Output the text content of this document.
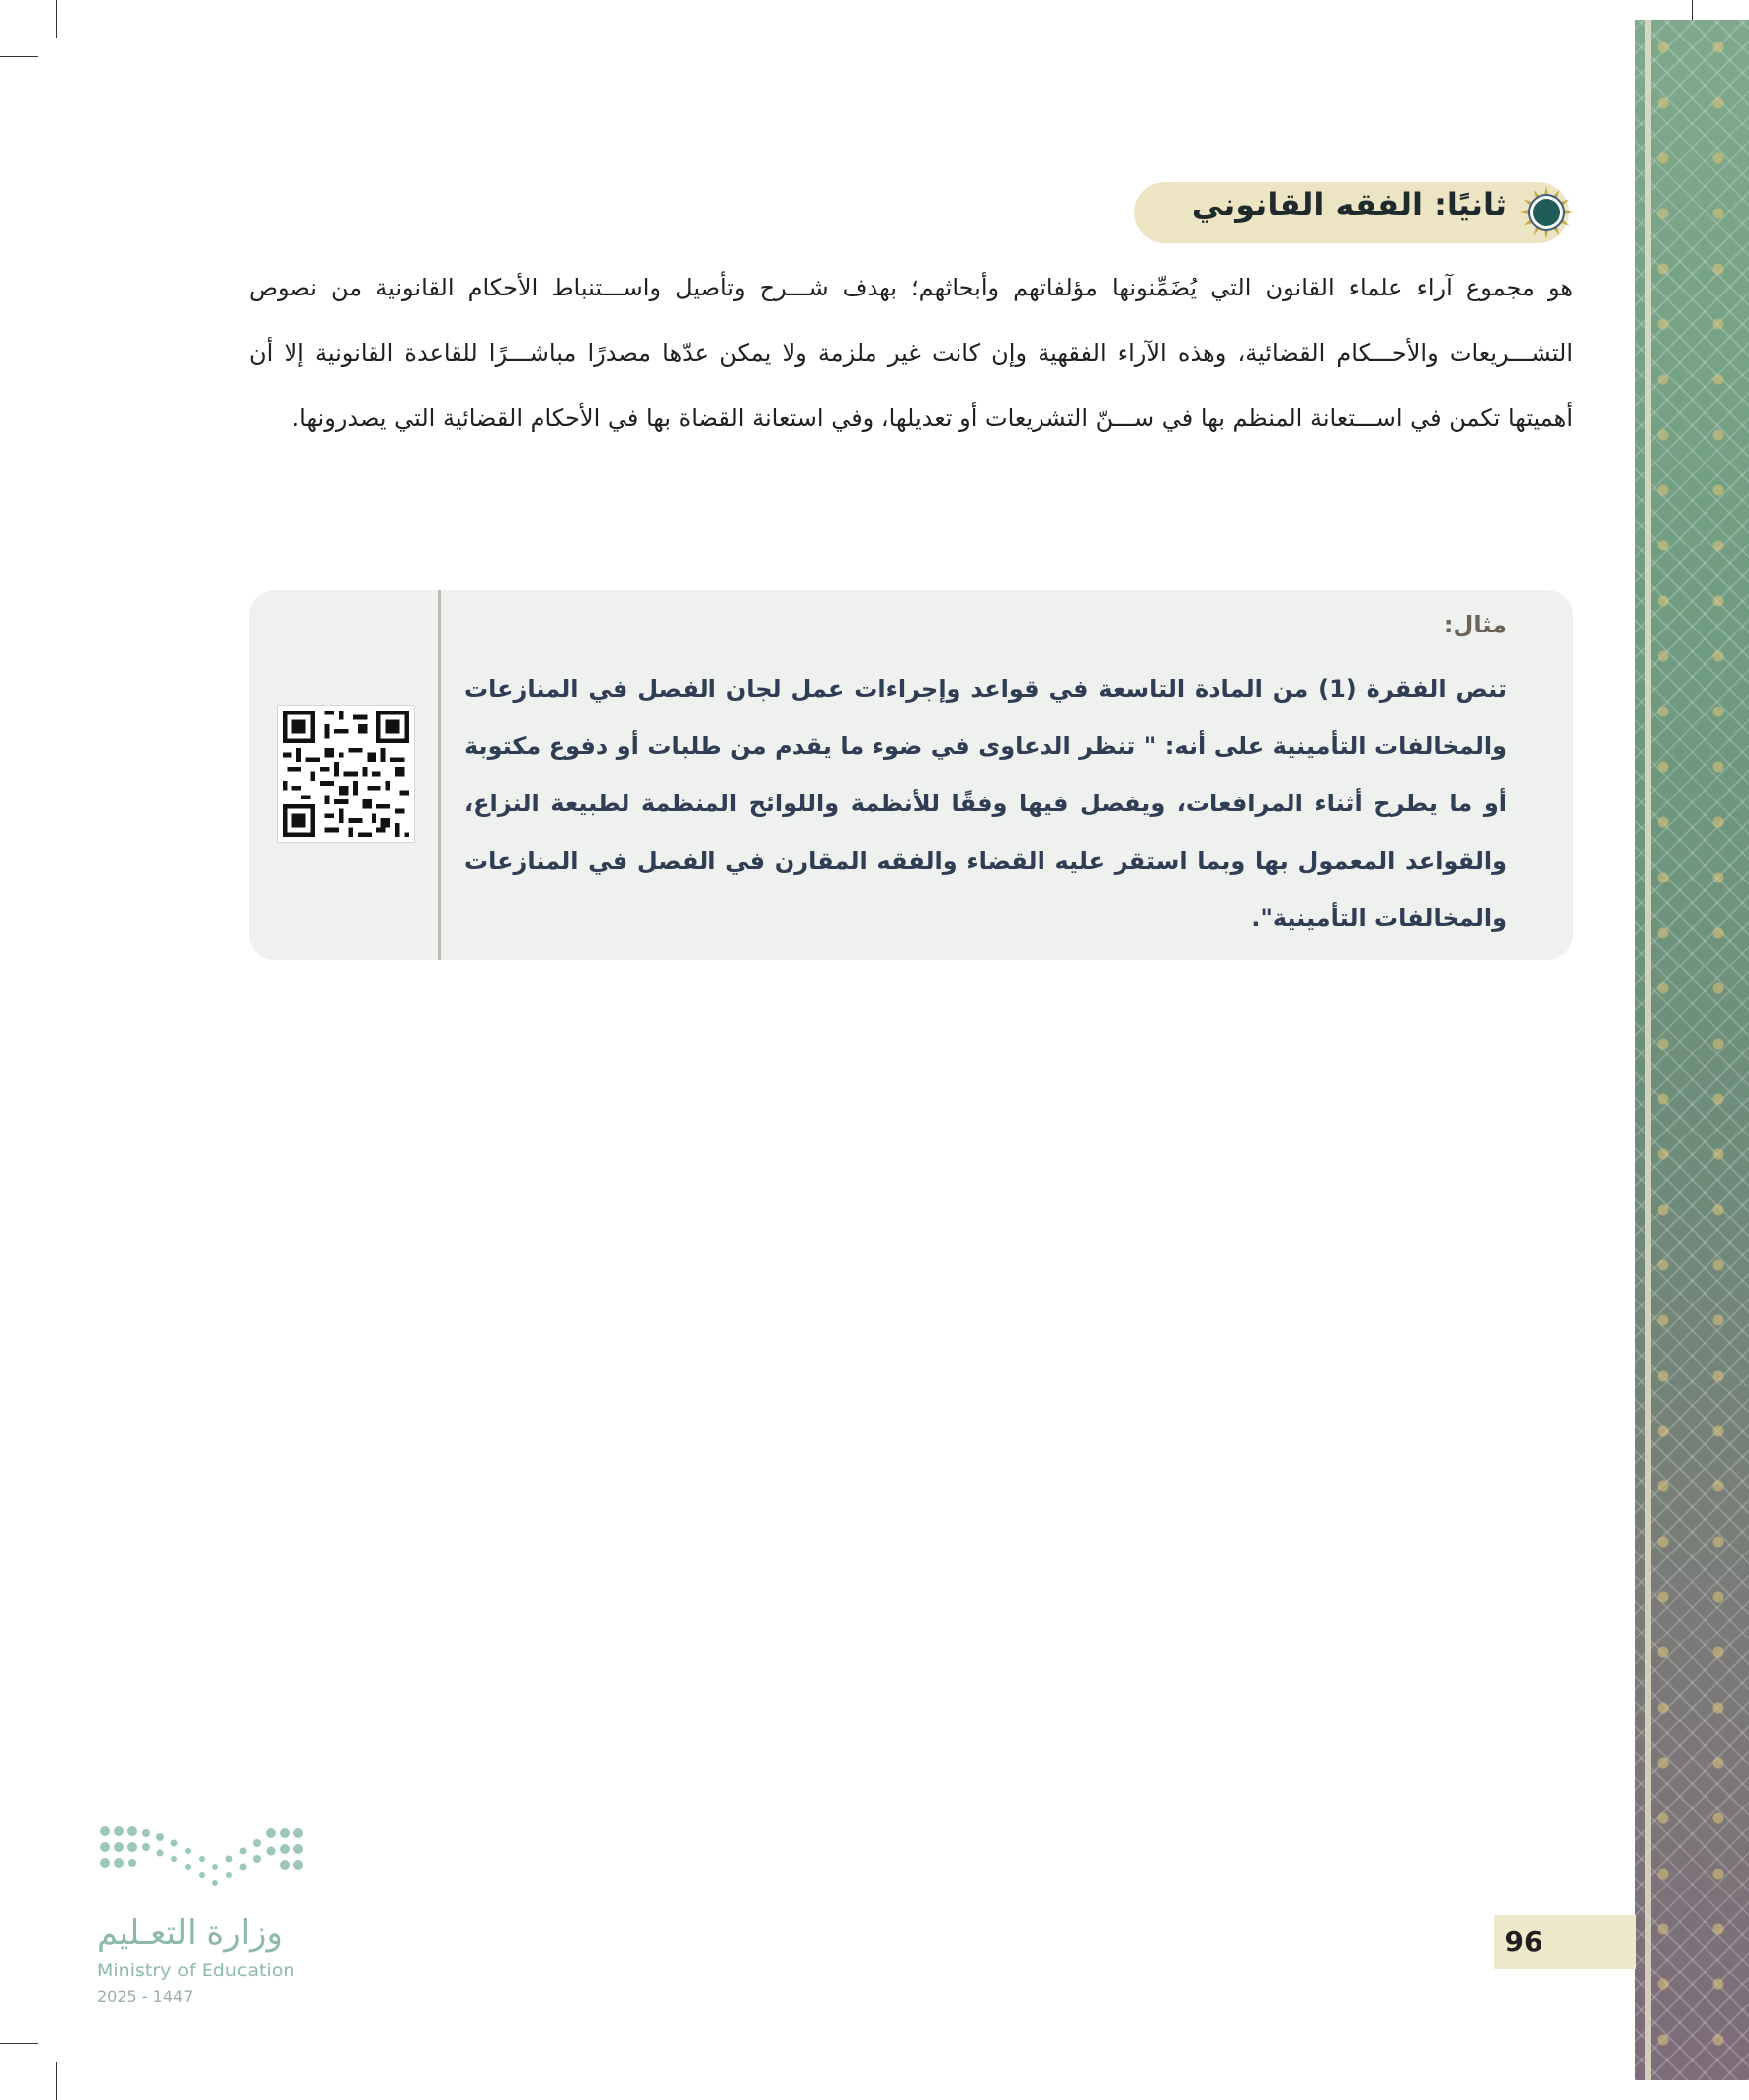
ثانيًا: الفقه القانوني

هو مجموع آراء علماء القانون التي يُضَمِّنونها مؤلفاتهم وأبحاثهم؛ بهدف شـــرح وتأصيل واســـتنباط الأحكام القانونية من نصوص التشـــريعات والأحـــكام القضائية، وهذه الآراء الفقهية وإن كانت غير ملزمة ولا يمكن عدّها مصدرًا مباشـــرًا للقاعدة القانونية إلا أن أهميتها تكمن في اســـتعانة المنظم بها في ســـنّ التشريعات أو تعديلها، وفي استعانة القضاة بها في الأحكام القضائية التي يصدرونها.

مثال:

تنص الفقرة (1) من المادة التاسعة في قواعد وإجراءات عمل لجان الفصل في المنازعات والمخالفات التأمينية على أنه: " تنظر الدعاوى في ضوء ما يقدم من طلبات أو دفوع مكتوبة أو ما يطرح أثناء المرافعات، ويفصل فيها وفقًا للأنظمة واللوائح المنظمة لطبيعة النزاع، والقواعد المعمول بها وبما استقر عليه القضاء والفقه المقارن في الفصل في المنازعات والمخالفات التأمينية".

وزارة التعـليم
Ministry of Education
2025 - 1447
96
